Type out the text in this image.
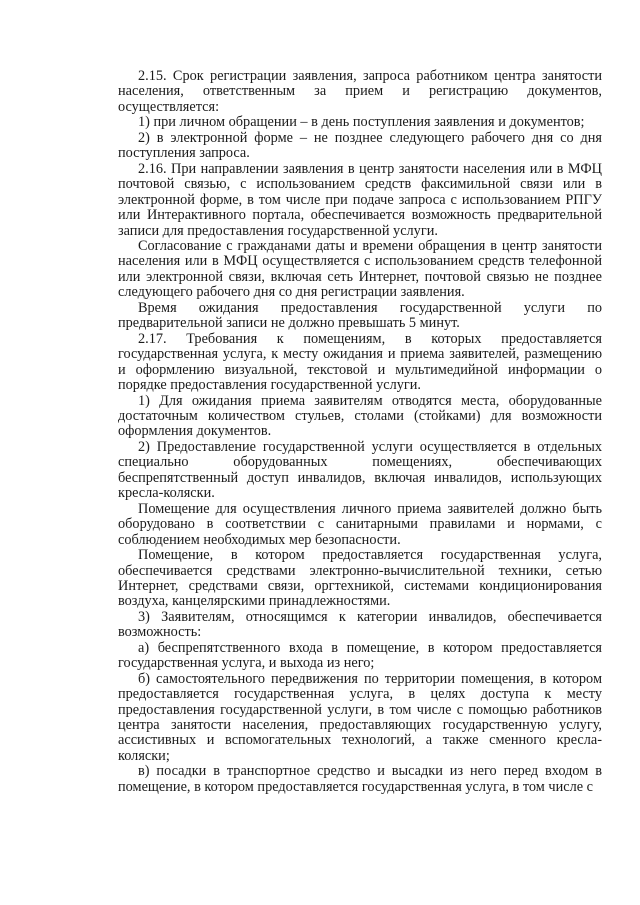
2.15. Срок регистрации заявления, запроса работником центра занятости населения, ответственным за прием и регистрацию документов, осуществляется:

1) при личном обращении – в день поступления заявления и документов;

2) в электронной форме – не позднее следующего рабочего дня со дня поступления запроса.

2.16. При направлении заявления в центр занятости населения или в МФЦ почтовой связью, с использованием средств факсимильной связи или в электронной форме, в том числе при подаче запроса с использованием РПГУ или Интерактивного портала, обеспечивается возможность предварительной записи для предоставления государственной услуги.

Согласование с гражданами даты и времени обращения в центр занятости населения или в МФЦ осуществляется с использованием средств телефонной или электронной связи, включая сеть Интернет, почтовой связью не позднее следующего рабочего дня со дня регистрации заявления.

Время ожидания предоставления государственной услуги по предварительной записи не должно превышать 5 минут.

2.17. Требования к помещениям, в которых предоставляется государственная услуга, к месту ожидания и приема заявителей, размещению и оформлению визуальной, текстовой и мультимедийной информации о порядке предоставления государственной услуги.

1) Для ожидания приема заявителям отводятся места, оборудованные достаточным количеством стульев, столами (стойками) для возможности оформления документов.

2) Предоставление государственной услуги осуществляется в отдельных специально оборудованных помещениях, обеспечивающих беспрепятственный доступ инвалидов, включая инвалидов, использующих кресла-коляски.

Помещение для осуществления личного приема заявителей должно быть оборудовано в соответствии с санитарными правилами и нормами, с соблюдением необходимых мер безопасности.

Помещение, в котором предоставляется государственная услуга, обеспечивается средствами электронно-вычислительной техники, сетью Интернет, средствами связи, оргтехникой, системами кондиционирования воздуха, канцелярскими принадлежностями.

3) Заявителям, относящимся к категории инвалидов, обеспечивается возможность:

а) беспрепятственного входа в помещение, в котором предоставляется государственная услуга, и выхода из него;

б) самостоятельного передвижения по территории помещения, в котором предоставляется государственная услуга, в целях доступа к месту предоставления государственной услуги, в том числе с помощью работников центра занятости населения, предоставляющих государственную услугу, ассистивных и вспомогательных технологий, а также сменного кресла-коляски;

в) посадки в транспортное средство и высадки из него перед входом в помещение, в котором предоставляется государственная услуга, в том числе с
